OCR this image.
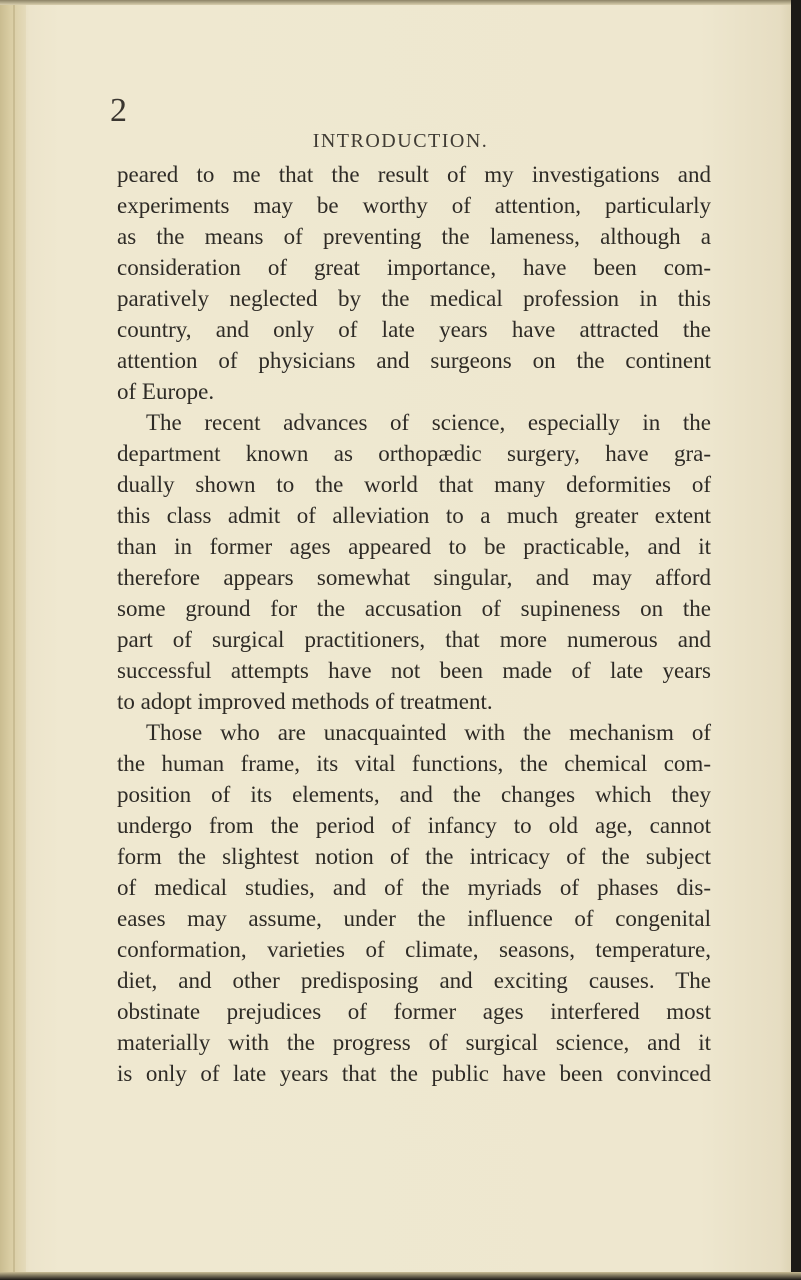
2
INTRODUCTION.
peared to me that the result of my investigations and
experiments may be worthy of attention, particularly
as the means of preventing the lameness, although a
consideration of great importance, have been com-
paratively neglected by the medical profession in this
country, and only of late years have attracted the
attention of physicians and surgeons on the continent
of Europe.
The recent advances of science, especially in the
department known as orthopædic surgery, have gra-
dually shown to the world that many deformities of
this class admit of alleviation to a much greater extent
than in former ages appeared to be practicable, and it
therefore appears somewhat singular, and may afford
some ground for the accusation of supineness on the
part of surgical practitioners, that more numerous and
successful attempts have not been made of late years
to adopt improved methods of treatment.
Those who are unacquainted with the mechanism of
the human frame, its vital functions, the chemical com-
position of its elements, and the changes which they
undergo from the period of infancy to old age, cannot
form the slightest notion of the intricacy of the subject
of medical studies, and of the myriads of phases dis-
eases may assume, under the influence of congenital
conformation, varieties of climate, seasons, temperature,
diet, and other predisposing and exciting causes. The
obstinate prejudices of former ages interfered most
materially with the progress of surgical science, and it
is only of late years that the public have been convinced
